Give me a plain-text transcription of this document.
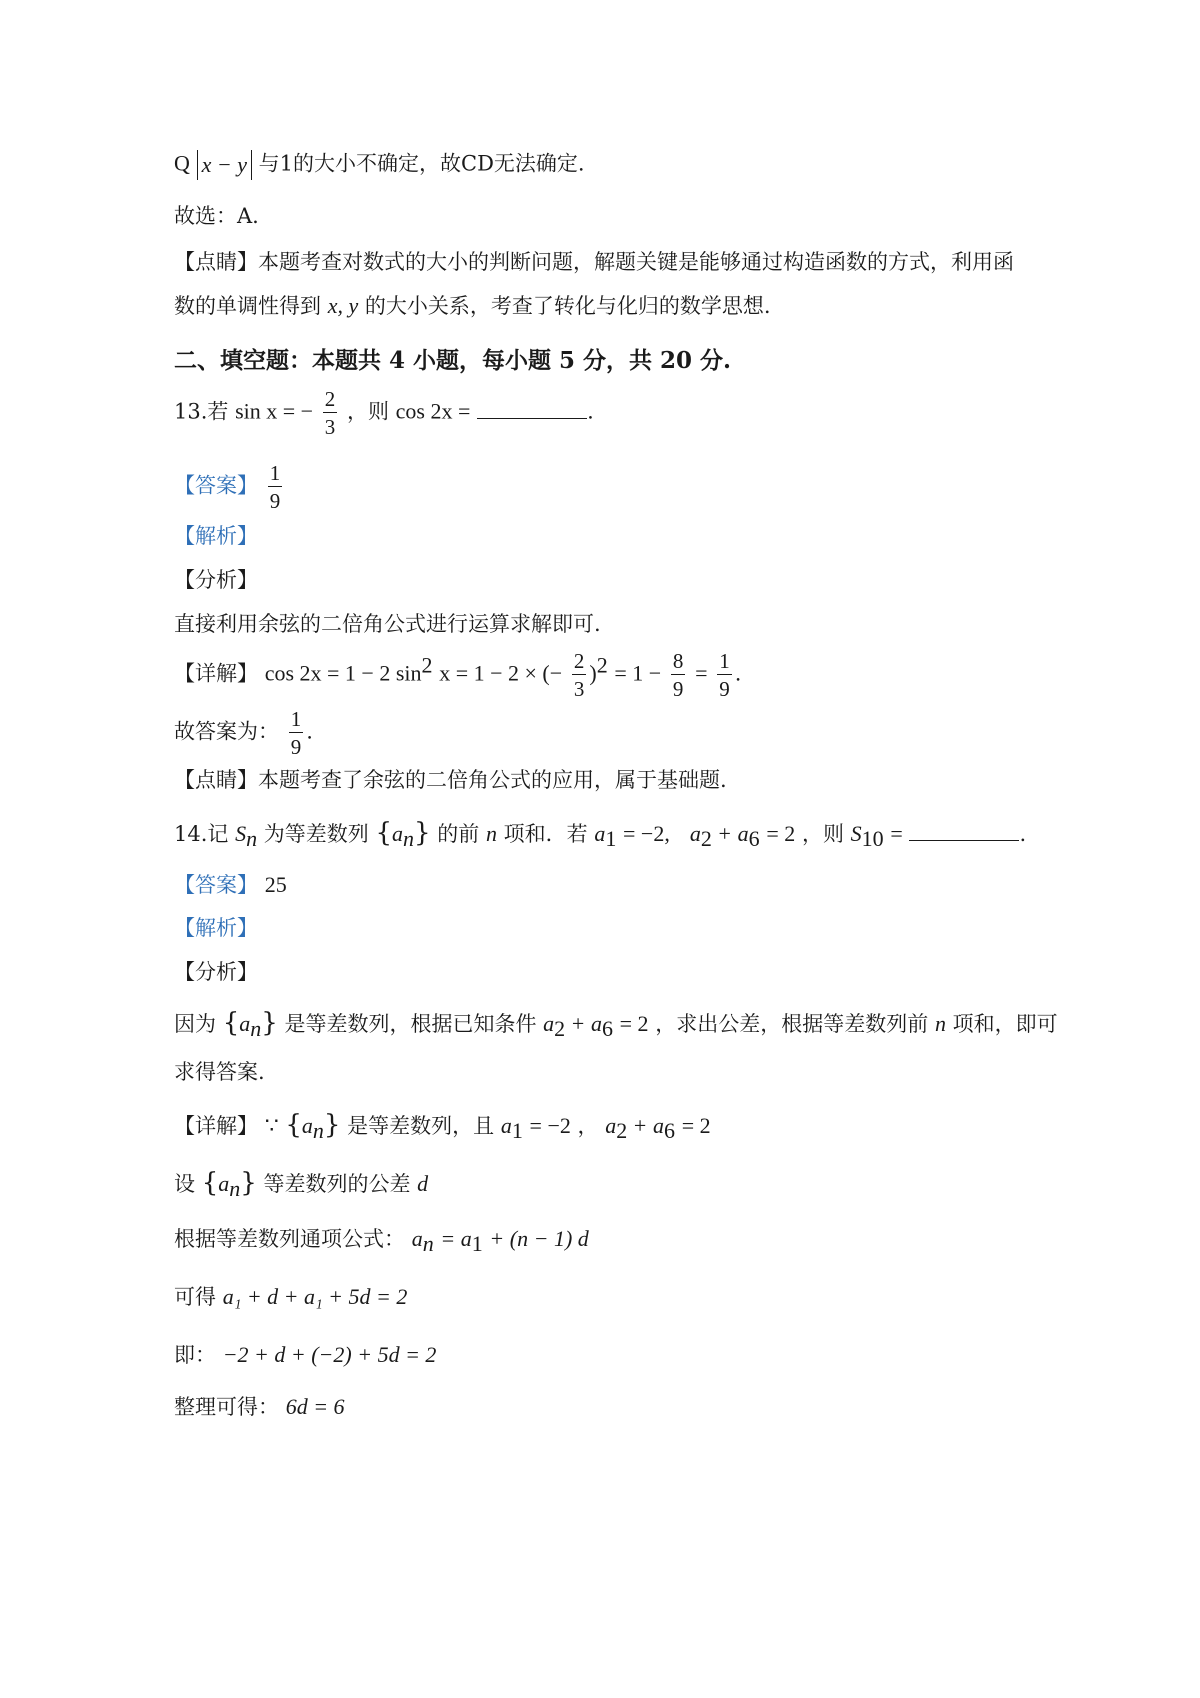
Q x − y 与1的大小不确定，故CD无法确定.
故选：A.
【点睛】本题考查对数式的大小的判断问题，解题关键是能够通过构造函数的方式，利用函
数的单调性得到 x, y 的大小关系，考查了转化与化归的数学思想.
二、填空题：本题共 4 小题，每小题 5 分，共 20 分.
13.若 sin x = − $\frac{2}{3}$ ，则 cos 2x =	.
【答案】 $\frac{1}{9}$
【解析】
【分析】
直接利用余弦的二倍角公式进行运算求解即可.
【详解】 cos 2x = 1 − 2 $\sin^2 x = 1 - 2$ × (− $\frac{2}{3} )^2 = 1 - \frac{8}{9} = \frac{1}{9}$ .
故答案为： $\frac{1}{9}$ .
【点睛】本题考查了余弦的二倍角公式的应用，属于基础题.
14.记 $S_n$ 为等差数列 $\{a_n\}$ 的前 n 项和．若 $a_1 = -2$, $a_2 + a_6 = 2$ ，则 $S_{10}$ =	.
【答案】 25
【解析】
【分析】
因为 $\{a_n\}$ 是等差数列，根据已知条件 $a_2 + a_6 = 2$ ，求出公差，根据等差数列前 n 项和，即可
求得答案.
【详解】 ∵ $\{a_n\}$ 是等差数列，且 $a_1 = -2$ ， $a_2 + a_6 = 2$
设 $\{a_n\}$ 等差数列的公差 d
根据等差数列通项公式： $a_n = a_1 + (n - 1)$ d
可得 a₁ + d + a₁ + 5d = 2
即： −2 + d + (−2) + 5d = 2
整理可得： 6d = 6
